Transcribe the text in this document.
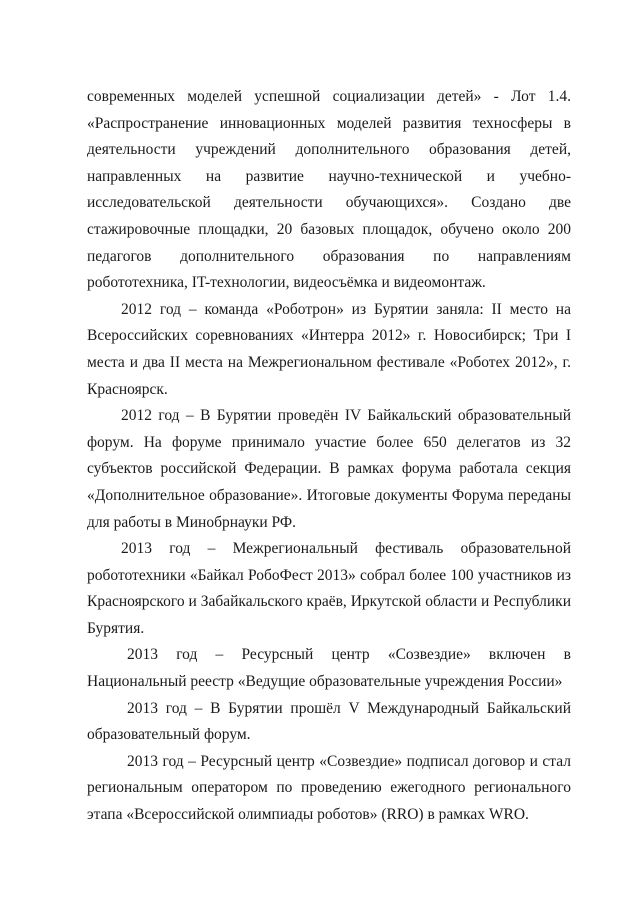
современных моделей успешной социализации детей» - Лот 1.4. «Распространение инновационных моделей развития техносферы в деятельности учреждений дополнительного образования детей, направленных на развитие научно-технической и учебно-исследовательской деятельности обучающихся». Создано две стажировочные площадки, 20 базовых площадок, обучено около 200 педагогов дополнительного образования по направлениям робототехника, IT-технологии, видеосъёмка и видеомонтаж.

2012 год – команда «Роботрон» из Бурятии заняла: II место на Всероссийских соревнованиях «Интерра 2012» г. Новосибирск; Три I места и два II места на Межрегиональном фестивале «Роботех 2012», г. Красноярск.

2012 год – В Бурятии проведён IV Байкальский образовательный форум. На форуме принимало участие более 650 делегатов из 32 субъектов российской Федерации. В рамках форума работала секция «Дополнительное образование». Итоговые документы Форума переданы для работы в Минобрнауки РФ.

2013 год – Межрегиональный фестиваль образовательной робототехники «Байкал РобоФест 2013» собрал более 100 участников из Красноярского и Забайкальского краёв, Иркутской области и Республики Бурятия.

2013 год – Ресурсный центр «Созвездие» включен в Национальный реестр «Ведущие образовательные учреждения России»

2013 год – В Бурятии прошёл V Международный Байкальский образовательный форум.

2013 год – Ресурсный центр «Созвездие» подписал договор и стал региональным оператором по проведению ежегодного регионального этапа «Всероссийской олимпиады роботов» (RRO) в рамках WRO.
